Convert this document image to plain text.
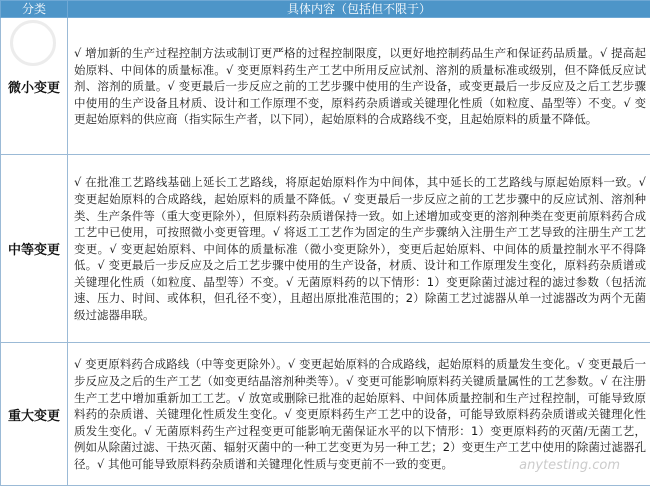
分类	具体内容（包括但不限于）
微小变更	√ 增加新的生产过程控制方法或制订更严格的过程控制限度，以更好地控制药品生产和保证药品质量。√ 提高起始原料、中间体的质量标准。√ 变更原料药生产工艺中所用反应试剂、溶剂的质量标准或级别，但不降低反应试剂、溶剂的质量。√ 变更最后一步反应之前的工艺步骤中使用的生产设备，或变更最后一步反应及之后工艺步骤中使用的生产设备且材质、设计和工作原理不变，原料药杂质谱或关键理化性质（如粒度、晶型等）不变。√ 变更起始原料的供应商（指实际生产者，以下同），起始原料的合成路线不变，且起始原料的质量不降低。
中等变更	√ 在批准工艺路线基础上延长工艺路线，将原起始原料作为中间体，其中延长的工艺路线与原起始原料一致。√ 变更起始原料的合成路线，起始原料的质量不降低。√ 变更最后一步反应之前的工艺步骤中的反应试剂、溶剂种类、生产条件等（重大变更除外），但原料药杂质谱保持一致。如上述增加或变更的溶剂种类在变更前原料药合成工艺中已使用，可按照微小变更管理。√ 将返工工艺作为固定的生产步骤纳入注册生产工艺导致的注册生产工艺变更。√ 变更起始原料、中间体的质量标准（微小变更除外），变更后起始原料、中间体的质量控制水平不得降低。√ 变更最后一步反应及之后工艺步骤中使用的生产设备，材质、设计和工作原理发生变化，原料药杂质谱或关键理化性质（如粒度、晶型等）不变。√ 无菌原料药的以下情形：1）变更除菌过滤过程的滤过参数（包括流速、压力、时间、或体积，但孔径不变），且超出原批准范围的；2）除菌工艺过滤器从单一过滤器改为两个无菌级过滤器串联。
重大变更	√ 变更原料药合成路线（中等变更除外）。√ 变更起始原料的合成路线，起始原料的质量发生变化。√ 变更最后一步反应及之后的生产工艺（如变更结晶溶剂种类等）。√ 变更可能影响原料药关键质量属性的工艺参数。√ 在注册生产工艺中增加重新加工工艺。√ 放宽或删除已批准的起始原料、中间体质量控制和生产过程控制，可能导致原料药的杂质谱、关键理化性质发生变化。√ 变更原料药生产工艺中的设备，可能导致原料药杂质谱或关键理化性质发生变化。√ 无菌原料药生产过程变更可能影响无菌保证水平的以下情形：1）变更原料药的灭菌/无菌工艺，例如从除菌过滤、干热灭菌、辐射灭菌中的一种工艺变更为另一种工艺；2）变更生产工艺中使用的除菌过滤器孔径。√ 其他可能导致原料药杂质谱和关键理化性质与变更前不一致的变更。	anytesting.com
